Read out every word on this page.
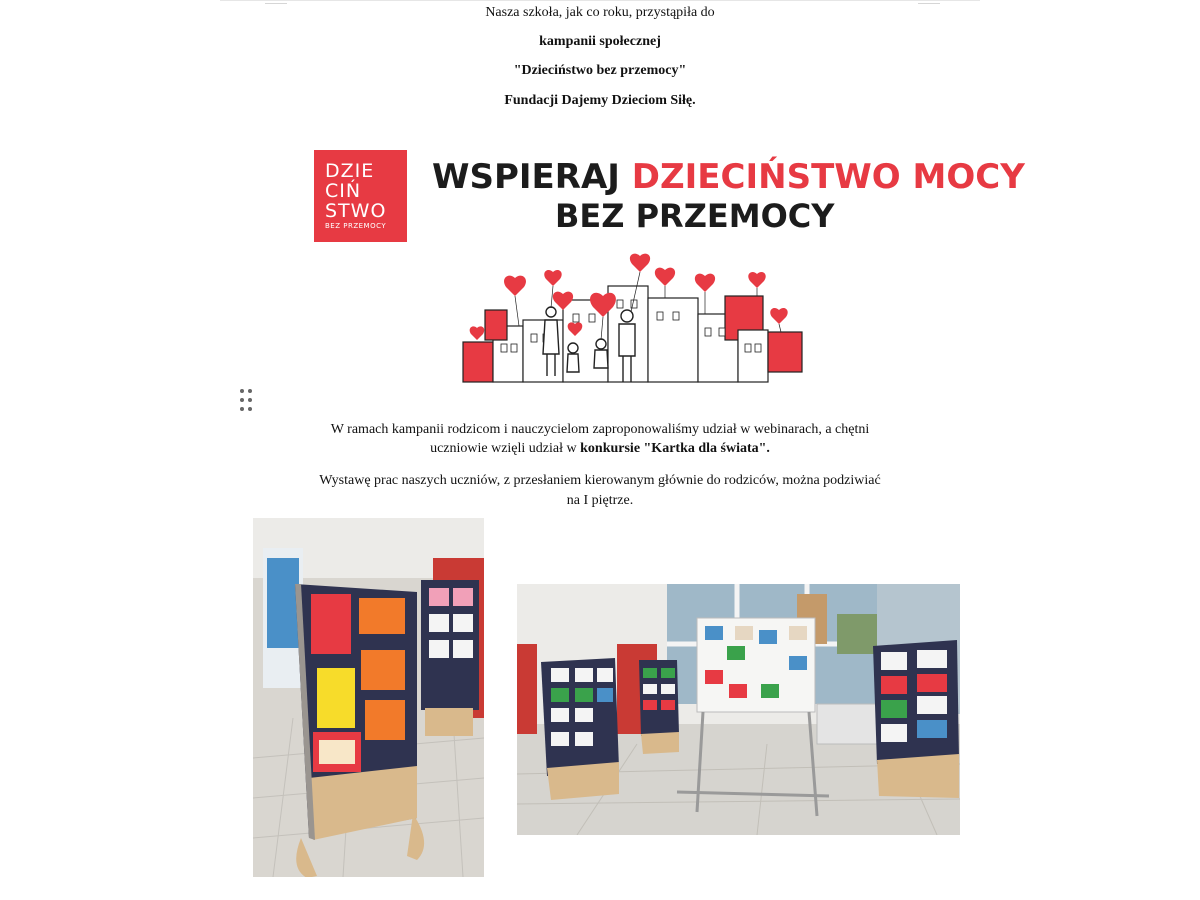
Nasza szkoła, jak co roku, przystąpiła do
kampanii społecznej
"Dzieciństwo bez przemocy"
Fundacji Dajemy Dzieciom Siłę.
DZIE
CIŃ
STWO
BEZ PRZEMOCY
WSPIERAJ DZIECIŃSTWO MOCY
BEZ PRZEMOCY
W ramach kampanii rodzicom i nauczycielom zaproponowaliśmy udział w webinarach, a chętni
uczniowie wzięli udział w konkursie "Kartka dla świata".
Wystawę prac naszych uczniów, z przesłaniem kierowanym głównie do rodziców, można podziwiać
na I piętrze.
